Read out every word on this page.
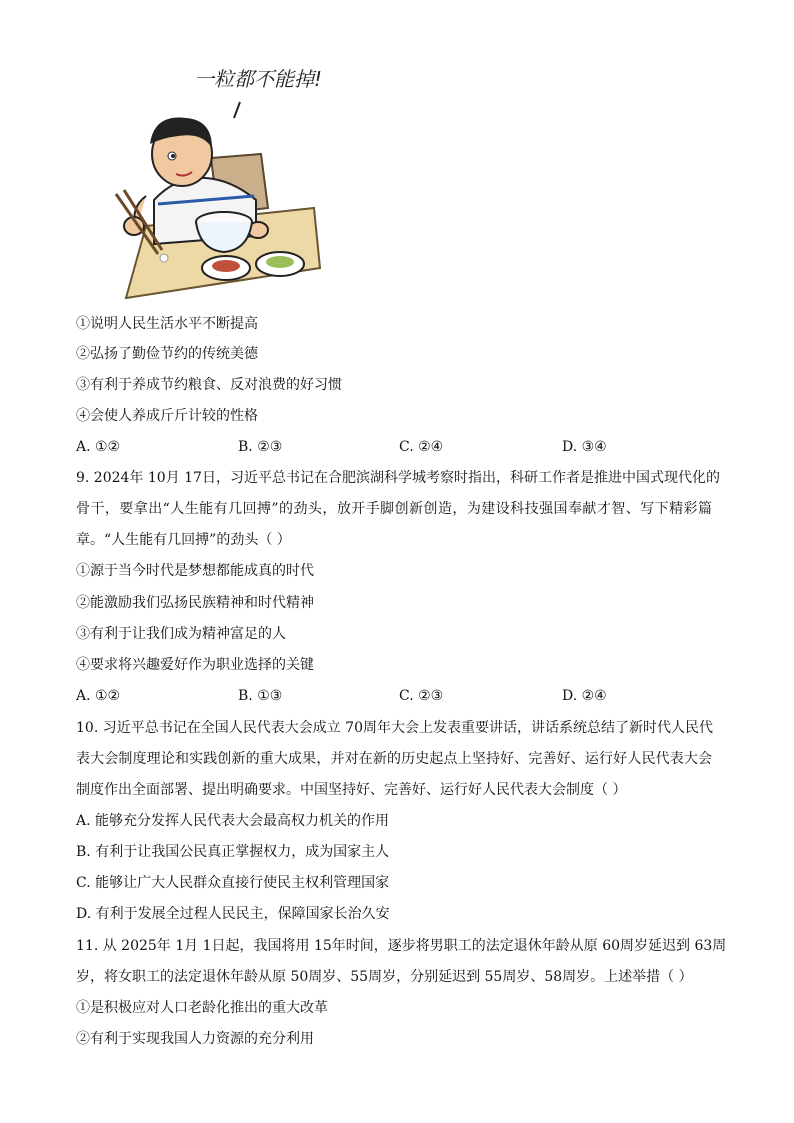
一粒都不能掉!
①说明人民生活水平不断提高
②弘扬了勤俭节约的传统美德
③有利于养成节约粮食、反对浪费的好习惯
④会使人养成斤斤计较的性格
A. ①②	B. ②③	C. ②④	D. ③④
9. 2024年 10月 17日，习近平总书记在合肥滨湖科学城考察时指出，科研工作者是推进中国式现代化的
骨干，要拿出“人生能有几回搏”的劲头，放开手脚创新创造，为建设科技强国奉献才智、写下精彩篇
章。“人生能有几回搏”的劲头（ ）
①源于当今时代是梦想都能成真的时代
②能激励我们弘扬民族精神和时代精神
③有利于让我们成为精神富足的人
④要求将兴趣爱好作为职业选择的关键
A. ①②	B. ①③	C. ②③	D. ②④
10. 习近平总书记在全国人民代表大会成立 70周年大会上发表重要讲话，讲话系统总结了新时代人民代
表大会制度理论和实践创新的重大成果，并对在新的历史起点上坚持好、完善好、运行好人民代表大会
制度作出全面部署、提出明确要求。中国坚持好、完善好、运行好人民代表大会制度（ ）
A. 能够充分发挥人民代表大会最高权力机关的作用
B. 有利于让我国公民真正掌握权力，成为国家主人
C. 能够让广大人民群众直接行使民主权利管理国家
D. 有利于发展全过程人民民主，保障国家长治久安
11. 从 2025年 1月 1日起，我国将用 15年时间，逐步将男职工的法定退休年龄从原 60周岁延迟到 63周
岁，将女职工的法定退休年龄从原 50周岁、55周岁，分别延迟到 55周岁、58周岁。上述举措（ ）
①是积极应对人口老龄化推出的重大改革
②有利于实现我国人力资源的充分利用
